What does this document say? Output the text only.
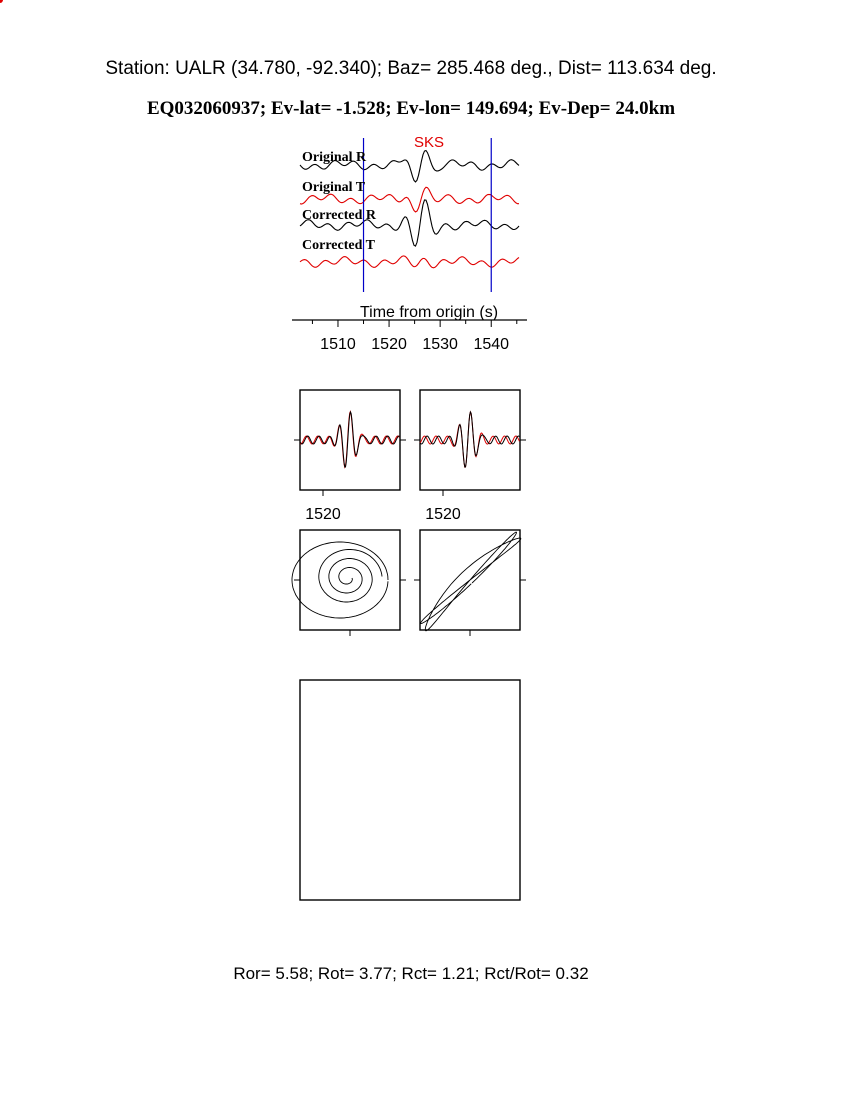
Station: UALR (34.780, -92.340); Baz= 285.468 deg., Dist= 113.634 deg.
EQ032060937; Ev-lat= -1.528; Ev-lon= 149.694; Ev-Dep= 24.0km
Original R
Original T
Corrected R
Corrected T
SKS
Time from origin (s)
1510 1520 1530 1540
1520	1520
Ror= 5.58; Rot= 3.77; Rct= 1.21; Rct/Rot= 0.32
